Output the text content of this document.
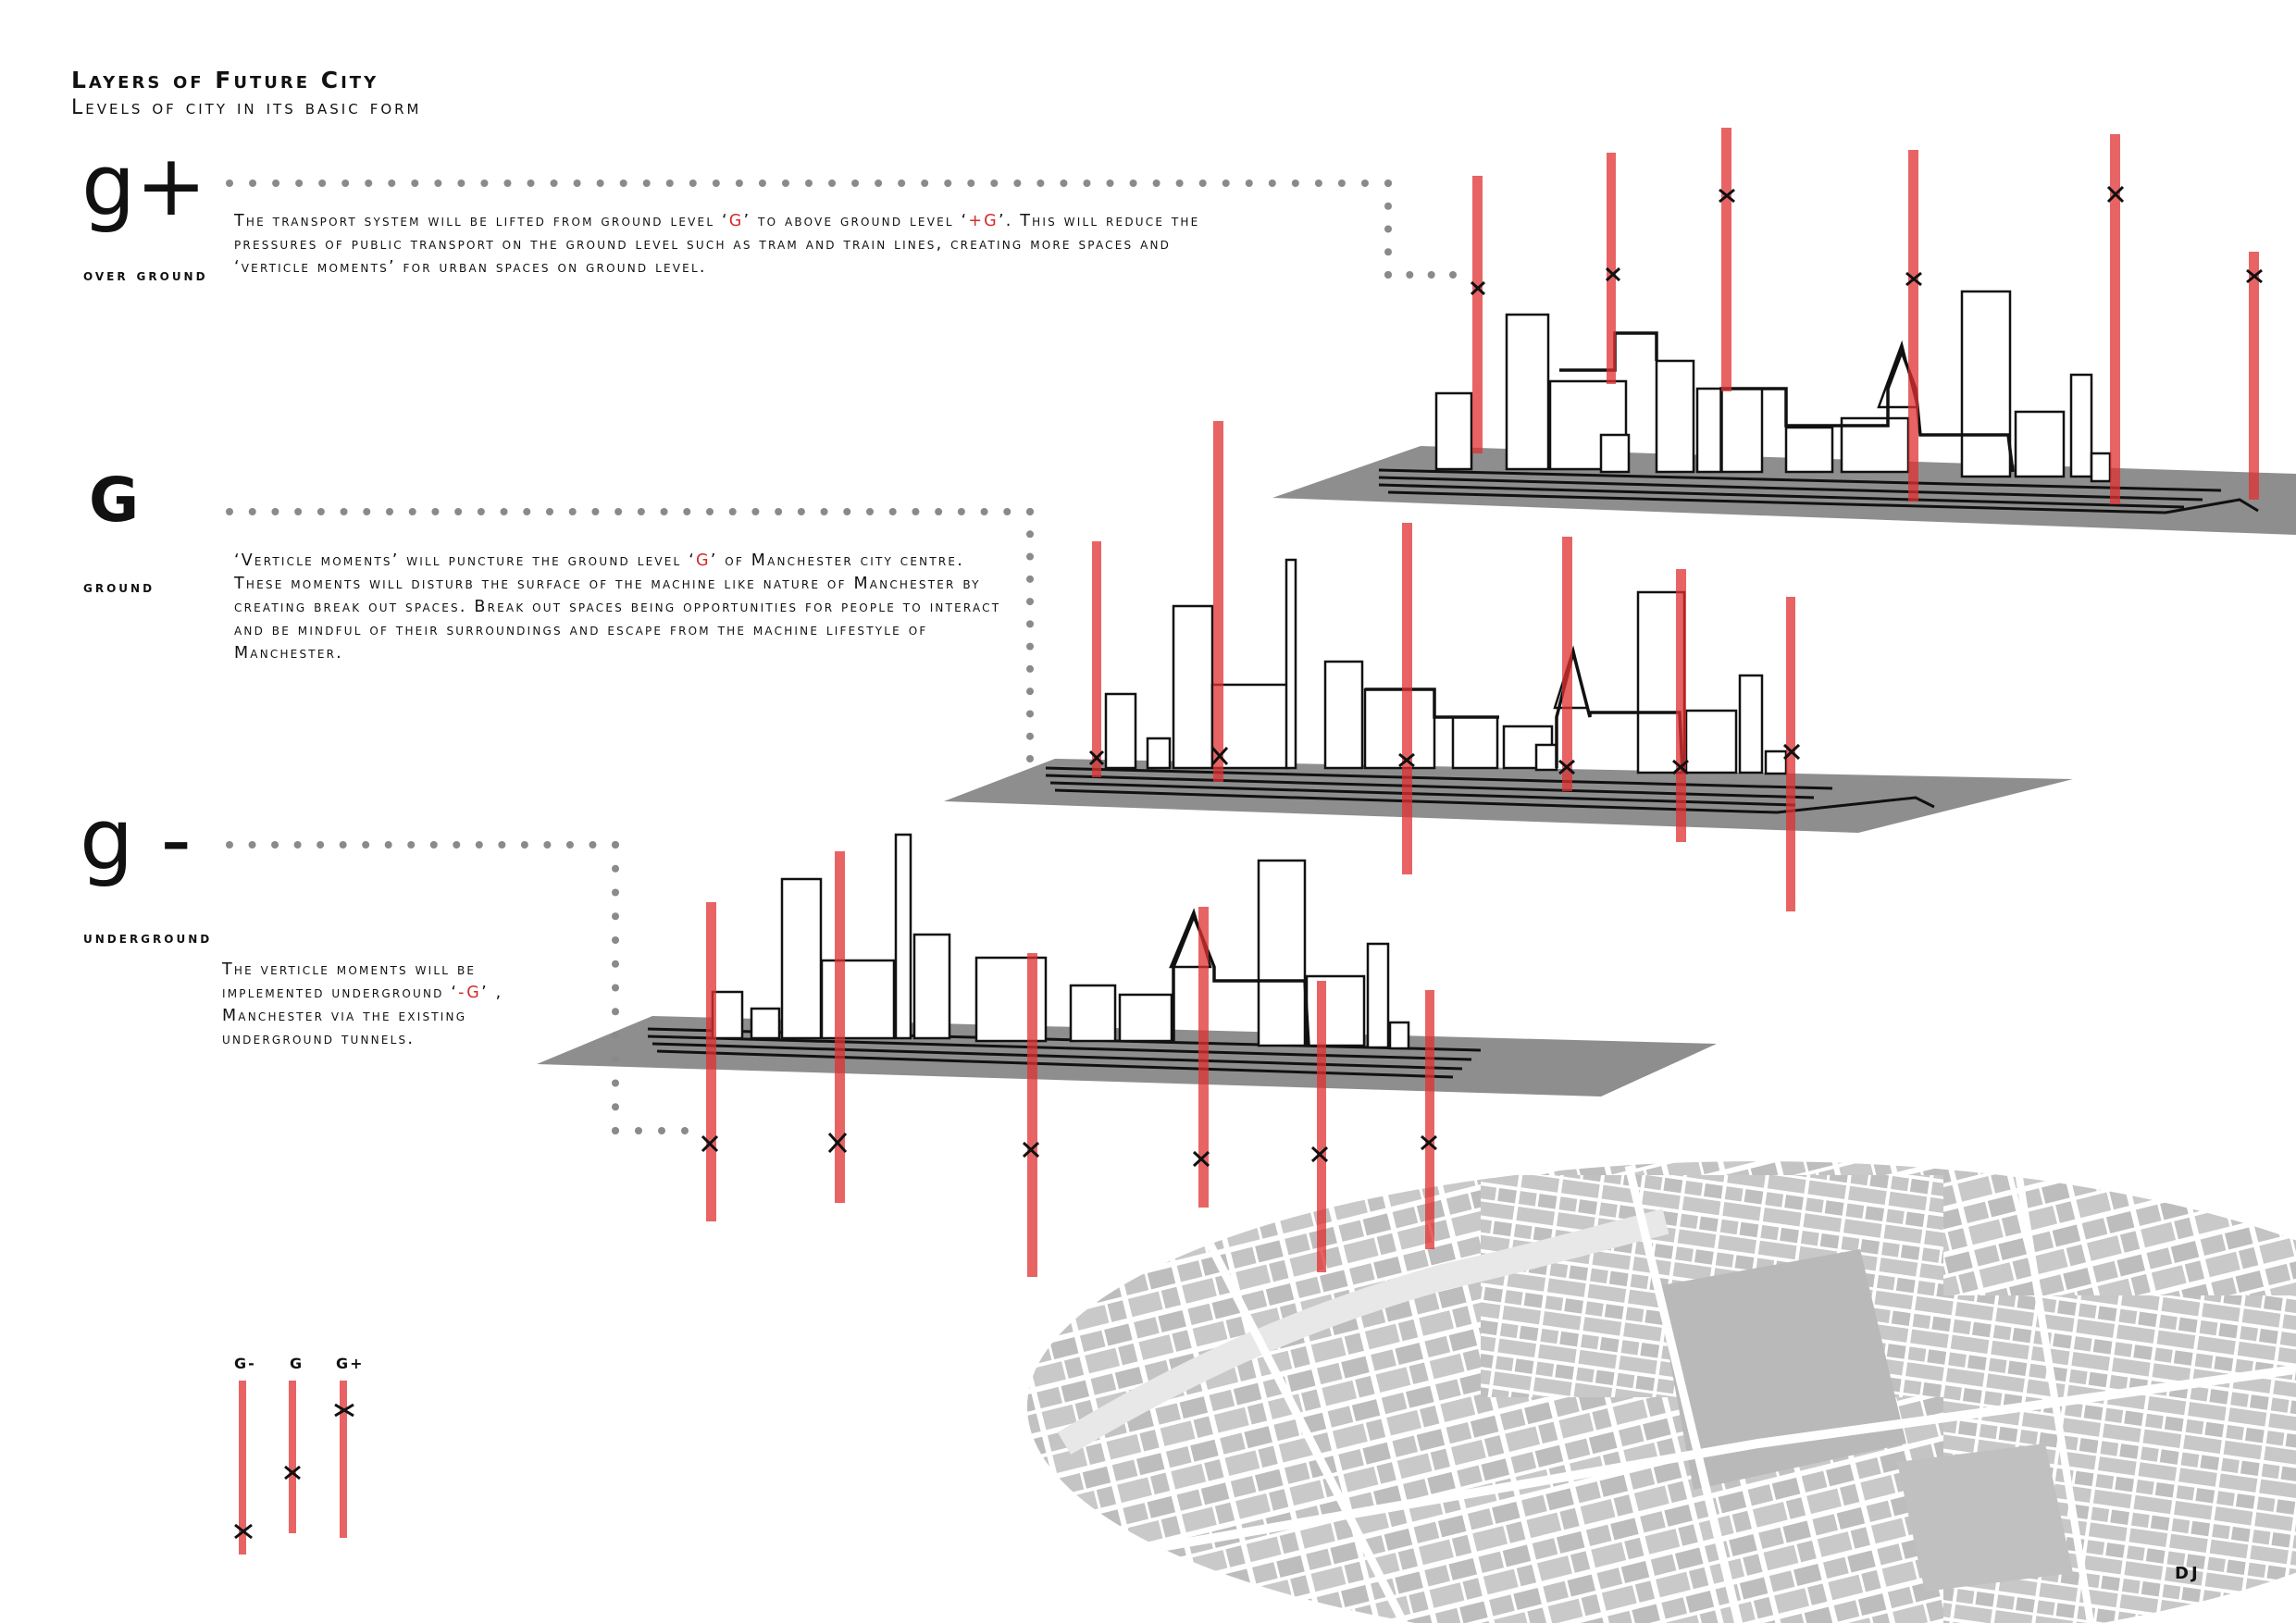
Layers of Future City
Levels of city in its basic form
g+
over ground
The transport system will be lifted from ground level ‘G’ to above ground level ‘+G’. This will reduce the pressures of public transport on the ground level such as tram and train lines, creating more spaces and ‘verticle moments’ for urban spaces on ground level.
G
ground
‘Verticle moments’ will puncture the ground level ‘G’ of Manchester city centre. These moments will disturb the surface of the machine like nature of Manchester by creating break out spaces. Break out spaces being opportunities for people to interact and be mindful of their surroundings and escape from the machine lifestyle of Manchester.
g -
underground
The verticle moments will be implemented underground ‘-G’ , Manchester via the existing underground tunnels.
G- G G+
DJ
